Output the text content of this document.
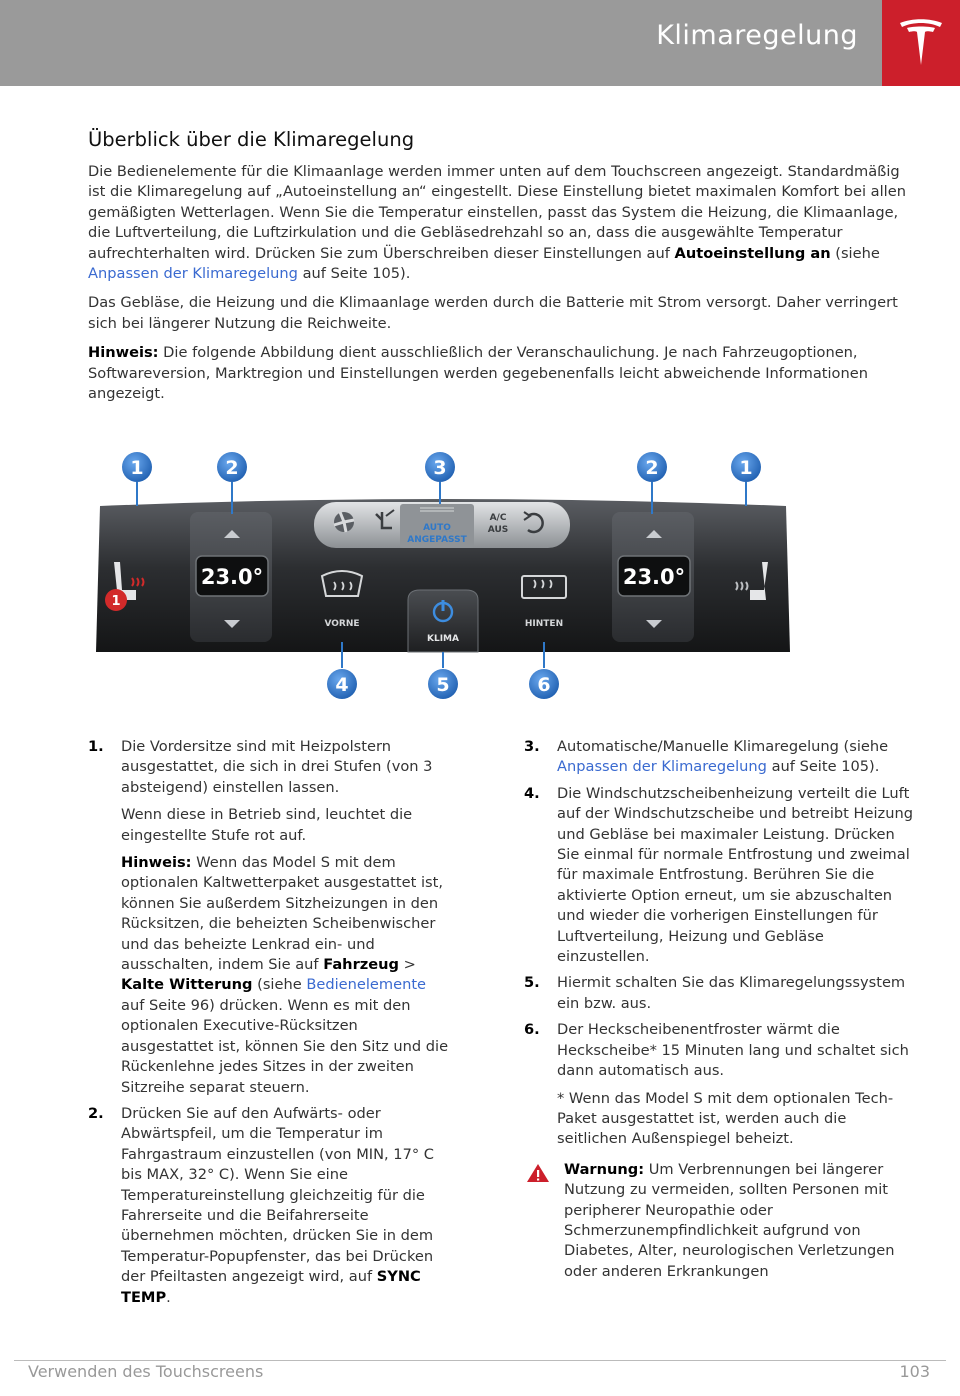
Klimaregelung
Überblick über die Klimaregelung

Die Bedienelemente für die Klimaanlage werden immer unten auf dem Touchscreen angezeigt. Standardmäßig ist die Klimaregelung auf „Autoeinstellung an“ eingestellt. Diese Einstellung bietet maximalen Komfort bei allen gemäßigten Wetterlagen. Wenn Sie die Temperatur einstellen, passt das System die Heizung, die Klimaanlage, die Luftverteilung, die Luftzirkulation und die Gebläsedrehzahl so an, dass die ausgewählte Temperatur aufrechterhalten wird. Drücken Sie zum Überschreiben dieser Einstellungen auf Autoeinstellung an (siehe Anpassen der Klimaregelung auf Seite 105).

Das Gebläse, die Heizung und die Klimaanlage werden durch die Batterie mit Strom versorgt. Daher verringert sich bei längerer Nutzung die Reichweite.

Hinweis: Die folgende Abbildung dient ausschließlich der Veranschaulichung. Je nach Fahrzeugoptionen, Softwareversion, Marktregion und Einstellungen werden gegebenenfalls leicht abweichende Informationen angezeigt.

AUTO
ANGEPASST
A/C
AUS
23.0°	23.0°
1
VORNE	HINTEN
KLIMA
1	2	3	2	1
4	5	6
1. Die Vordersitze sind mit Heizpolstern ausgestattet, die sich in drei Stufen (von 3 absteigend) einstellen lassen.
Wenn diese in Betrieb sind, leuchtet die eingestellte Stufe rot auf.
Hinweis: Wenn das Model S mit dem optionalen Kaltwetterpaket ausgestattet ist, können Sie außerdem Sitzheizungen in den Rücksitzen, die beheizten Scheibenwischer und das beheizte Lenkrad ein- und ausschalten, indem Sie auf Fahrzeug > Kalte Witterung (siehe Bedienelemente auf Seite 96) drücken. Wenn es mit den optionalen Executive-Rücksitzen ausgestattet ist, können Sie den Sitz und die Rückenlehne jedes Sitzes in der zweiten Sitzreihe separat steuern.
2. Drücken Sie auf den Aufwärts- oder Abwärtspfeil, um die Temperatur im Fahrgastraum einzustellen (von MIN, 17° C bis MAX, 32° C). Wenn Sie eine Temperatureinstellung gleichzeitig für die Fahrerseite und die Beifahrerseite übernehmen möchten, drücken Sie in dem Temperatur-Popupfenster, das bei Drücken der Pfeiltasten angezeigt wird, auf SYNC TEMP.
3. Automatische/Manuelle Klimaregelung (siehe Anpassen der Klimaregelung auf Seite 105).
4. Die Windschutzscheibenheizung verteilt die Luft auf der Windschutzscheibe und betreibt Heizung und Gebläse bei maximaler Leistung. Drücken Sie einmal für normale Entfrostung und zweimal für maximale Entfrostung. Berühren Sie die aktivierte Option erneut, um sie abzuschalten und wieder die vorherigen Einstellungen für Luftverteilung, Heizung und Gebläse einzustellen.
5. Hiermit schalten Sie das Klimaregelungssystem ein bzw. aus.
6. Der Heckscheibenentfroster wärmt die Heckscheibe* 15 Minuten lang und schaltet sich dann automatisch aus.
* Wenn das Model S mit dem optionalen Tech-Paket ausgestattet ist, werden auch die seitlichen Außenspiegel beheizt.
Warnung: Um Verbrennungen bei längerer Nutzung zu vermeiden, sollten Personen mit peripherer Neuropathie oder Schmerzunempfindlichkeit aufgrund von Diabetes, Alter, neurologischen Verletzungen oder anderen Erkrankungen
Verwenden des Touchscreens	103
